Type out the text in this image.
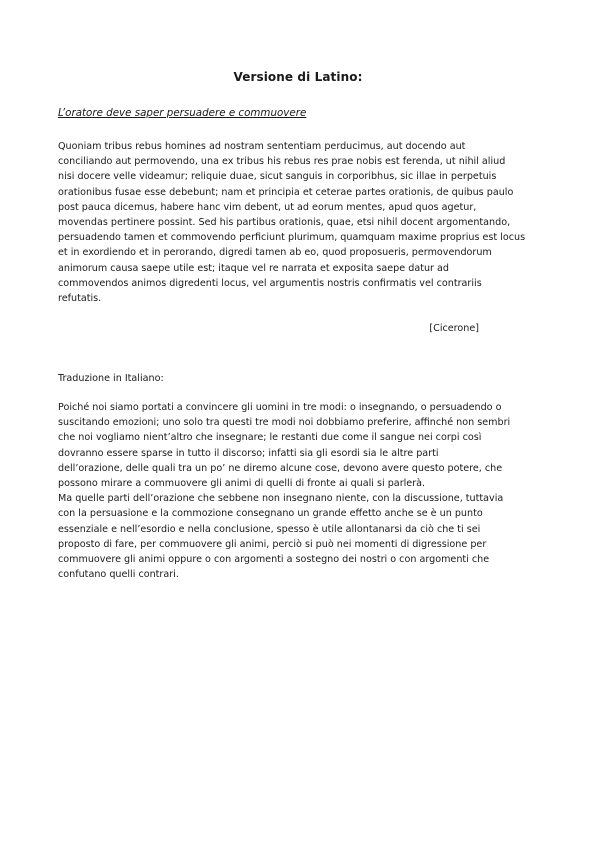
Versione di Latino:
L’oratore deve saper persuadere e commuovere
Quoniam tribus rebus homines ad nostram sententiam perducimus, aut docendo aut
conciliando aut permovendo, una ex tribus his rebus res prae nobis est ferenda, ut nihil aliud
nisi docere velle videamur; reliquie duae, sicut sanguis in corporibhus, sic illae in perpetuis
orationibus fusae esse debebunt; nam et principia et ceterae partes orationis, de quibus paulo
post pauca dicemus, habere hanc vim debent, ut ad eorum mentes, apud quos agetur,
movendas pertinere possint. Sed his partibus orationis, quae, etsi nihil docent argomentando,
persuadendo tamen et commovendo perficiunt plurimum, quamquam maxime proprius est locus
et in exordiendo et in perorando, digredi tamen ab eo, quod proposueris, permovendorum
animorum causa saepe utile est; itaque vel re narrata et exposita saepe datur ad
commovendos animos digredenti locus, vel argumentis nostris confirmatis vel contrariis
refutatis.
[Cicerone]
Traduzione in Italiano:
Poiché noi siamo portati a convincere gli uomini in tre modi: o insegnando, o persuadendo o
suscitando emozioni; uno solo tra questi tre modi noi dobbiamo preferire, affinché non sembri
che noi vogliamo nient’altro che insegnare; le restanti due come il sangue nei corpi così
dovranno essere sparse in tutto il discorso; infatti sia gli esordi sia le altre parti
dell’orazione, delle quali tra un po’ ne diremo alcune cose, devono avere questo potere, che
possono mirare a commuovere gli animi di quelli di fronte ai quali si parlerà.
Ma quelle parti dell’orazione che sebbene non insegnano niente, con la discussione, tuttavia
con la persuasione e la commozione consegnano un grande effetto anche se è un punto
essenziale e nell’esordio e nella conclusione, spesso è utile allontanarsi da ciò che ti sei
proposto di fare, per commuovere gli animi, perciò si può nei momenti di digressione per
commuovere gli animi oppure o con argomenti a sostegno dei nostri o con argomenti che
confutano quelli contrari.
